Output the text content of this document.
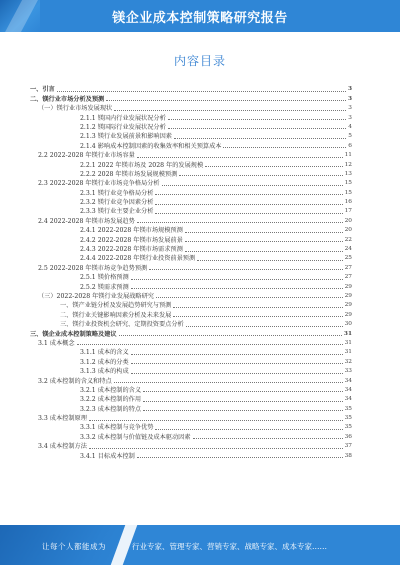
镁企业成本控制策略研究报告
内容目录
一、引言	3
二、镁行业市场分析及预测	3
（一）镁行业市场发展现状	3
2.1.1 镁国内行业发展状况分析	3
2.1.2 镁国际行业发展状况分析	4
2.1.3 镁行业发展前景和影响因素	5
2.1.4 影响成本控制因素的收集效率和相关预算成本	6
2.2 2022-2028 年镁行业市场容量	11
2.2.1 2022 年镁市场及 2028 年的发展规模	12
2.2.2 2028 年镁市场发展规模预测	13
2.3 2022-2028 年镁行业市场竞争格局分析	15
2.3.1 镁行业竞争格局分析	15
2.3.2 镁行业竞争因素分析	16
2.3.3 镁行业主要企业分析	17
2.4 2022-2028 年镁市场发展趋势	20
2.4.1 2022-2028 年镁市场规模预测	20
2.4.2 2022-2028 年镁市场发展前景	22
2.4.3 2022-2028 年镁市场需求预测	24
2.4.4 2022-2028 年镁行业投资前景预测	25
2.5 2022-2028 年镁市场竞争趋势预测	27
2.5.1 镁价格预测	27
2.5.2 镁需求预测	29
（三）2022-2028 年镁行业发展战略研究	29
一、镁产业链分析及发展趋势研究与预测	29
二、镁行业关键影响因素分析及未来发展	29
三、镁行业投资机会研究、定期投资要点分析	30
三、镁企业成本控制策略及建议	31
3.1 成本概念	31
3.1.1 成本的含义	31
3.1.2 成本的分类	32
3.1.3 成本的构成	33
3.2 成本控制的含义和特点	34
3.2.1 成本控制的含义	34
3.2.2 成本控制的作用	34
3.2.3 成本控制的特点	35
3.3 成本控制原理	35
3.3.1 成本控制与竞争优势	35
3.3.2 成本控制与价值链及成本驱动因素	36
3.4 成本控制方法	37
3.4.1 目标成本控制	38
让每个人都能成为	行业专家、管理专家、营销专家、战略专家、成本专家……
